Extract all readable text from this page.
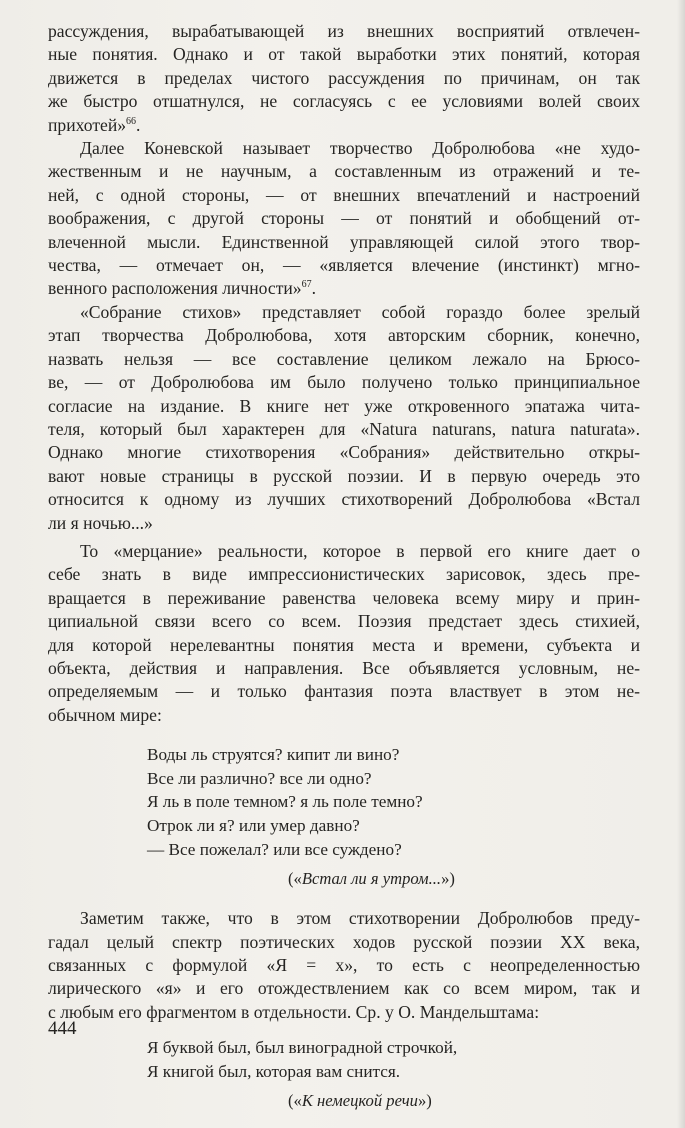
рассуждения, вырабатывающей из внешних восприятий отвлечен-
ные понятия. Однако и от такой выработки этих понятий, которая
движется в пределах чистого рассуждения по причинам, он так
же быстро отшатнулся, не согласуясь с ее условиями волей своих
прихотей»$^{66}$.
Далее Коневской называет творчество Добролюбова «не худо-
жественным и не научным, а составленным из отражений и те-
ней, с одной стороны, — от внешних впечатлений и настроений
воображения, с другой стороны — от понятий и обобщений от-
влеченной мысли. Единственной управляющей силой этого твор-
чества, — отмечает он, — «является влечение (инстинкт) мгно-
венного расположения личности»$^{67}$.
«Собрание стихов» представляет собой гораздо более зрелый
этап творчества Добролюбова, хотя авторским сборник, конечно,
назвать нельзя — все составление целиком лежало на Брюсо-
ве, — от Добролюбова им было получено только принципиальное
согласие на издание. В книге нет уже откровенного эпатажа чита-
теля, который был характерен для «Natura naturans, natura naturata».
Однако многие стихотворения «Собрания» действительно откры-
вают новые страницы в русской поэзии. И в первую очередь это
относится к одному из лучших стихотворений Добролюбова «Встал
ли я ночью...»
То «мерцание» реальности, которое в первой его книге дает о
себе знать в виде импрессионистических зарисовок, здесь пре-
вращается в переживание равенства человека всему миру и прин-
ципиальной связи всего со всем. Поэзия предстает здесь стихией,
для которой нерелевантны понятия места и времени, субъекта и
объекта, действия и направления. Все объявляется условным, не-
определяемым — и только фантазия поэта властвует в этом не-
обычном мире:
Воды ль струятся? кипит ли вино?
Все ли различно? все ли одно?
Я ль в поле темном? я ль поле темно?
Отрок ли я? или умер давно?
— Все пожелал? или все суждено?
(«Встал ли я утром...»)
Заметим также, что в этом стихотворении Добролюбов преду-
гадал целый спектр поэтических ходов русской поэзии XX века,
связанных с формулой «Я = х», то есть с неопределенностью
лирического «я» и его отождествлением как со всем миром, так и
с любым его фрагментом в отдельности. Ср. у О. Мандельштама:
Я буквой был, был виноградной строчкой,
Я книгой был, которая вам снится.
(«К немецкой речи»)
444
